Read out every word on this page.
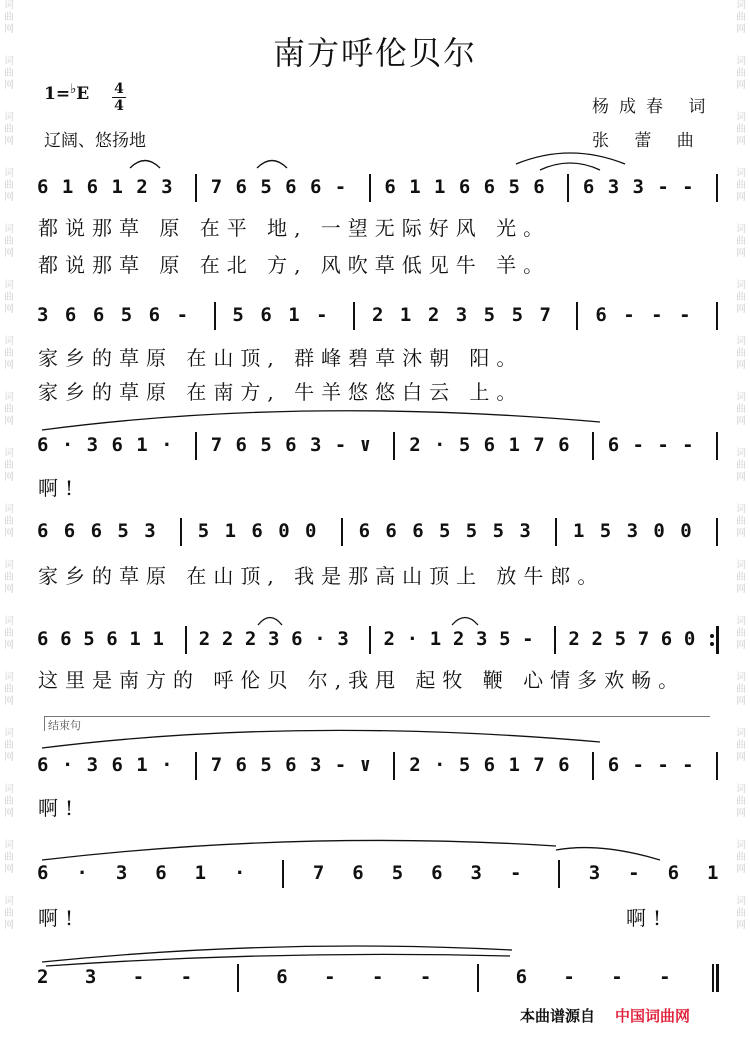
词
曲
网
词
曲
网
词
曲
网
词
曲
网
词
曲
网
词
曲
网
词
曲
网
词
曲
网
词
曲
网
词
曲
网
词
曲
网
词
曲
网
词
曲
网
词
曲
网
词
曲
网
词
曲
网
词
曲
网
词
曲
网
词
曲
网
词
曲
网
词
曲
网
词
曲
网
词
曲
网
词
曲
网
词
曲
网
词
曲
网
词
曲
网
词
曲
网
词
曲
网
词
曲
网
词
曲
网
词
曲
网
词
曲
网
词
曲
网
南方呼伦贝尔
1=♭E 4
4
辽阔、悠扬地
杨成春 词
张 蕾 曲
6 1 6 1 2 3 7 6 5 6 6 - 6 1 1 6 6 5 6 6 3 3 - -
都说那草 原 在平 地, 一望无际好风 光。
都说那草 原 在北 方, 风吹草低见牛 羊。
3 6 6 5 6 - 5 6 1 - 2 1 2 3 5 5 7 6 - - -
家乡的草原 在山顶, 群峰碧草沐朝 阳。
家乡的草原 在南方, 牛羊悠悠白云 上。
6 · 3 6 1 · 7 6 5 6 3 - ∨ 2 · 5 6 1 7 6 6 - - -
啊!
6 6 6 5 3 5 1 6 0 0 6 6 6 5 5 5 3 1 5 3 0 0
家乡的草原 在山顶, 我是那高山顶上 放牛郎。
6 6 5 6 1 1 2 2 2 3 6 · 3 2 · 1 2 3 5 - 2 2 5 7 6 0
这里是南方的 呼伦贝 尔,我甩 起牧 鞭 心情多欢畅。
结束句
6 · 3 6 1 · 7 6 5 6 3 - ∨ 2 · 5 6 1 7 6 6 - - -
啊!
6 · 3 6 1 ·	7 6 5 6 3 -	3 - 6 1
啊!	啊!
2 3 - -	6 - - -	6 - - -
本曲谱源自 中国词曲网
